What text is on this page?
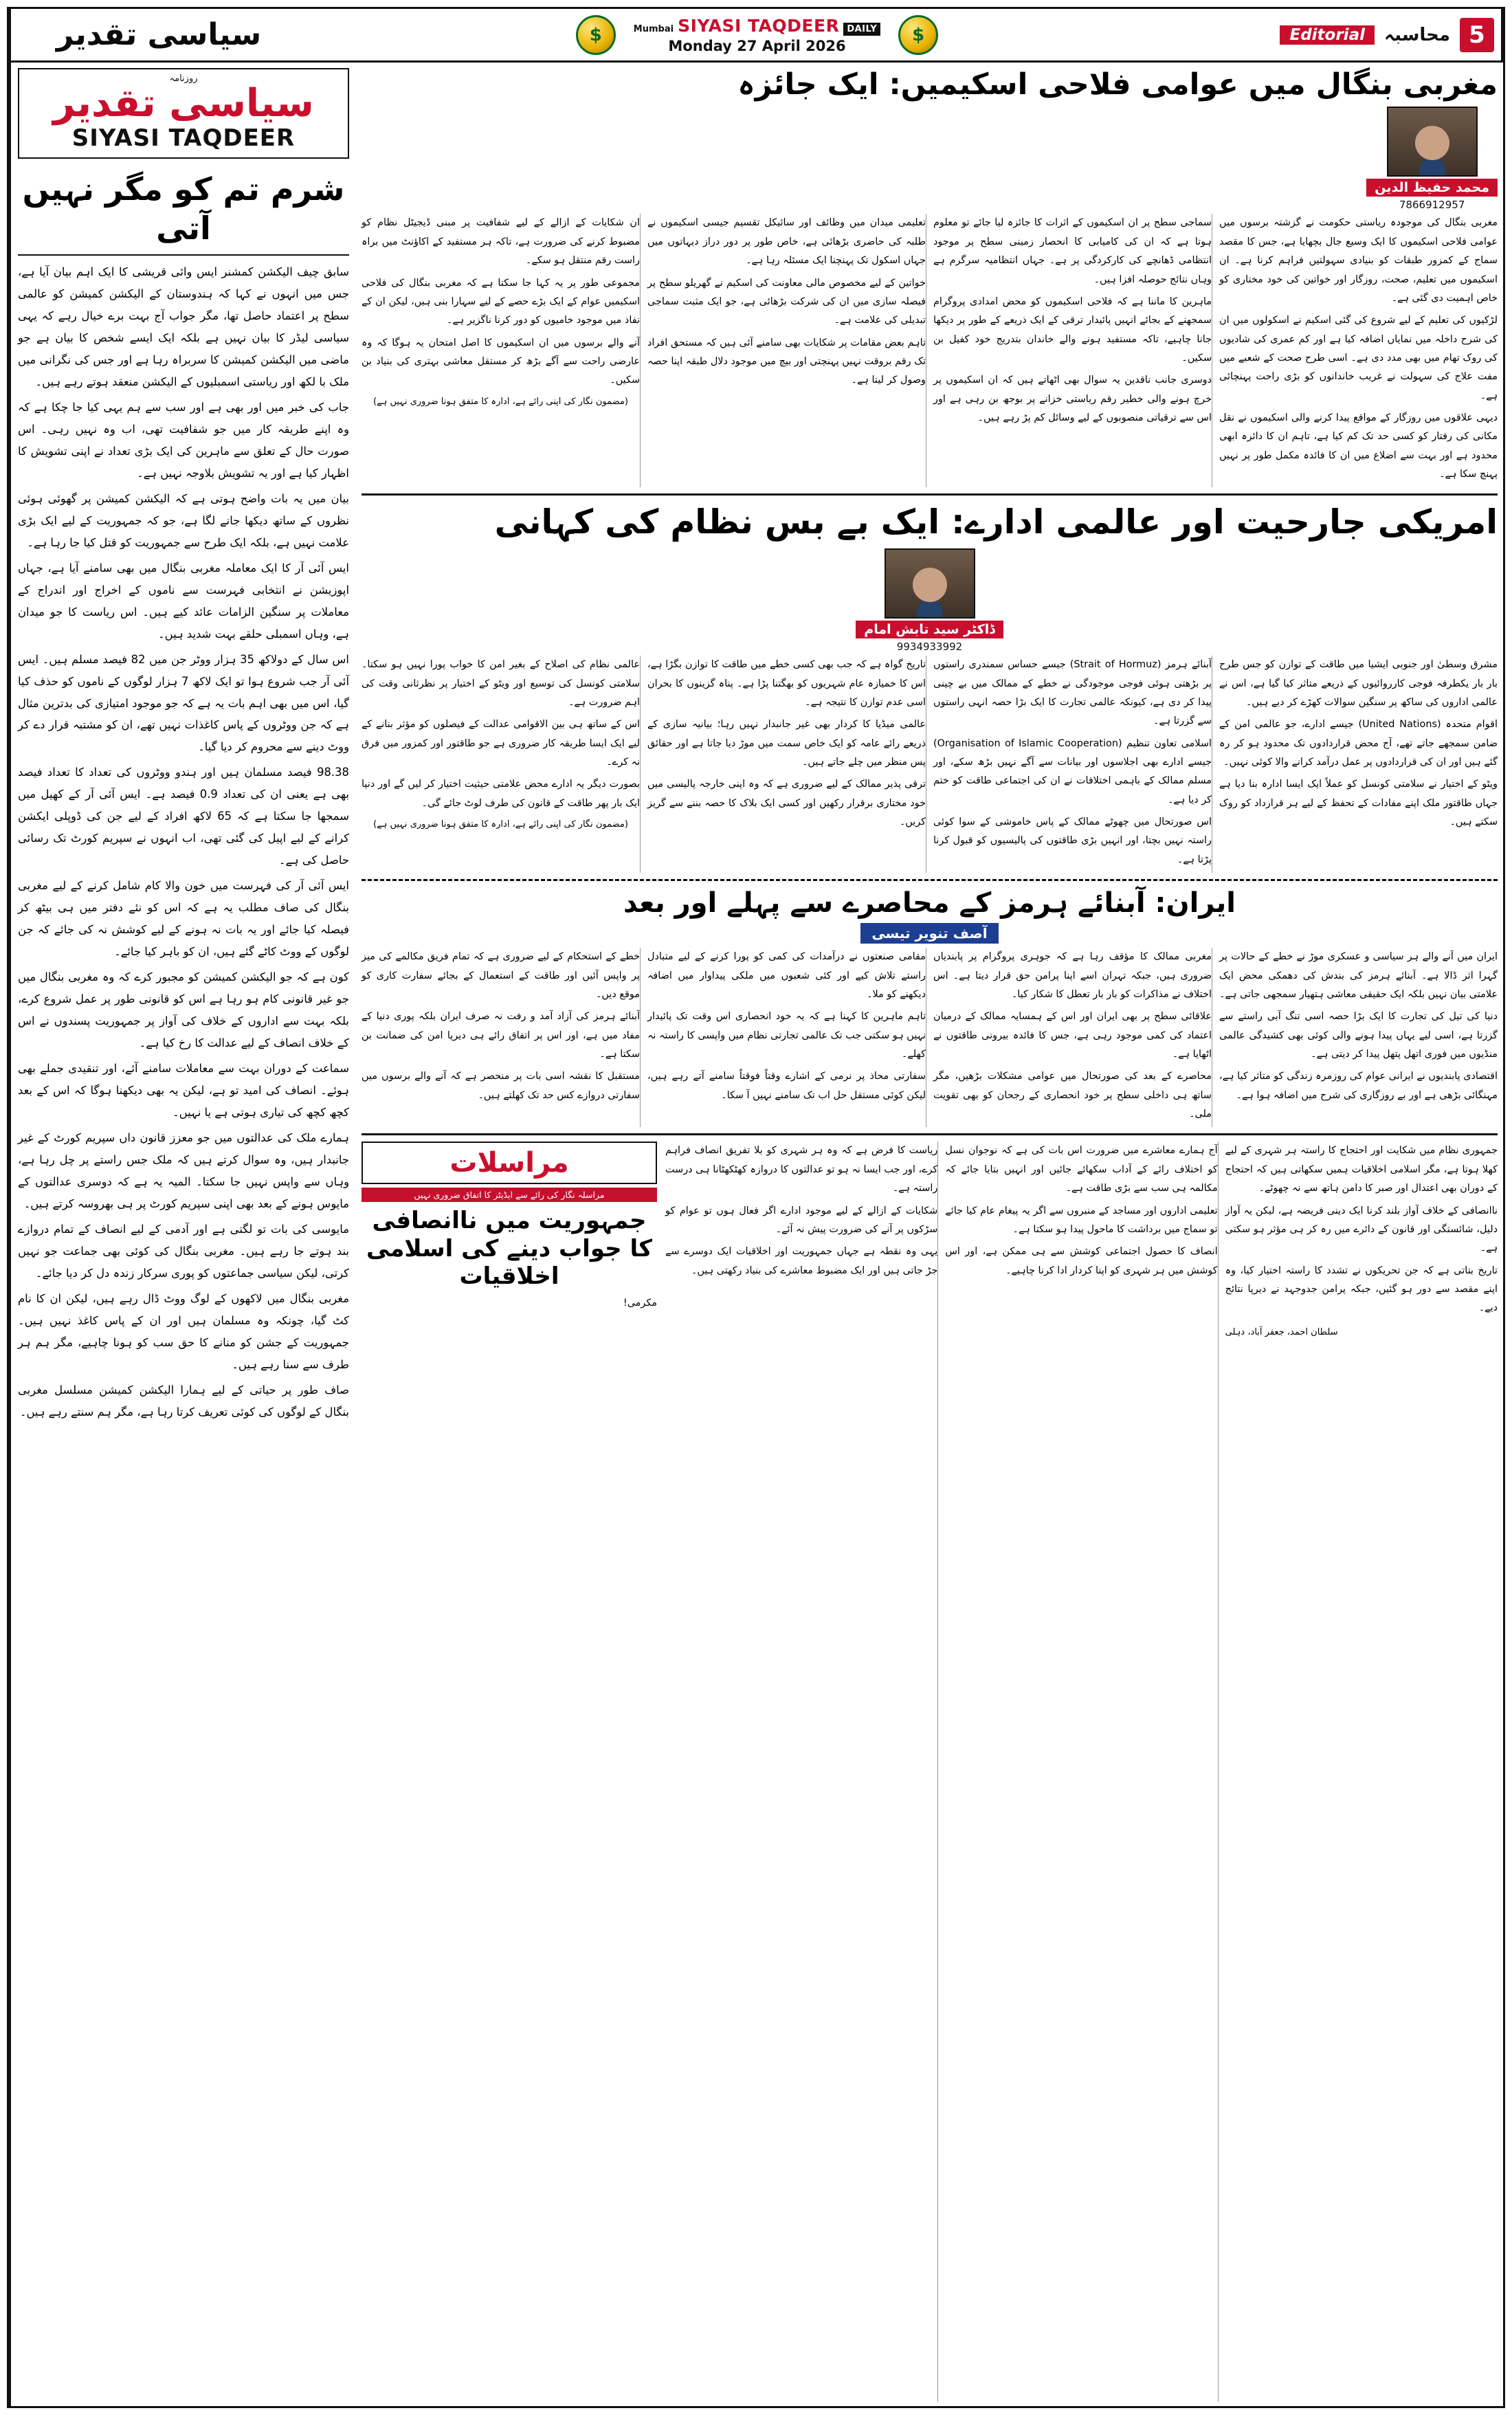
5
محاسبہ
Editorial
$
DAILY
SIYASI TAQDEER
Mumbai
Monday 27 April 2026
$
سیاسی تقدیر
مغربی بنگال میں عوامی فلاحی اسکیمیں: ایک جائزہ
محمد حفیظ الدین
7866912957

مغربی بنگال کی موجودہ ریاستی حکومت نے گزشتہ برسوں میں عوامی فلاحی اسکیموں کا ایک وسیع جال بچھایا ہے، جس کا مقصد سماج کے کمزور طبقات کو بنیادی سہولتیں فراہم کرنا ہے۔ ان اسکیموں میں تعلیم، صحت، روزگار اور خواتین کی خود مختاری کو خاص اہمیت دی گئی ہے۔

لڑکیوں کی تعلیم کے لیے شروع کی گئی اسکیم نے اسکولوں میں ان کی شرح داخلہ میں نمایاں اضافہ کیا ہے اور کم عمری کی شادیوں کی روک تھام میں بھی مدد دی ہے۔ اسی طرح صحت کے شعبے میں مفت علاج کی سہولت نے غریب خاندانوں کو بڑی راحت پہنچائی ہے۔

دیہی علاقوں میں روزگار کے مواقع پیدا کرنے والی اسکیموں نے نقل مکانی کی رفتار کو کسی حد تک کم کیا ہے، تاہم ان کا دائرہ ابھی محدود ہے اور بہت سے اضلاع میں ان کا فائدہ مکمل طور پر نہیں پہنچ سکا ہے۔

سماجی سطح پر ان اسکیموں کے اثرات کا جائزہ لیا جائے تو معلوم ہوتا ہے کہ ان کی کامیابی کا انحصار زمینی سطح پر موجود انتظامی ڈھانچے کی کارکردگی پر ہے۔ جہاں انتظامیہ سرگرم ہے وہاں نتائج حوصلہ افزا ہیں۔

ماہرین کا ماننا ہے کہ فلاحی اسکیموں کو محض امدادی پروگرام سمجھنے کے بجائے انہیں پائیدار ترقی کے ایک ذریعے کے طور پر دیکھا جانا چاہیے، تاکہ مستفید ہونے والے خاندان بتدریج خود کفیل بن سکیں۔

دوسری جانب ناقدین یہ سوال بھی اٹھاتے ہیں کہ ان اسکیموں پر خرچ ہونے والی خطیر رقم ریاستی خزانے پر بوجھ بن رہی ہے اور اس سے ترقیاتی منصوبوں کے لیے وسائل کم پڑ رہے ہیں۔

تعلیمی میدان میں وظائف اور سائیکل تقسیم جیسی اسکیموں نے طلبہ کی حاضری بڑھائی ہے، خاص طور پر دور دراز دیہاتوں میں جہاں اسکول تک پہنچنا ایک مسئلہ رہا ہے۔

خواتین کے لیے مخصوص مالی معاونت کی اسکیم نے گھریلو سطح پر فیصلہ سازی میں ان کی شرکت بڑھائی ہے، جو ایک مثبت سماجی تبدیلی کی علامت ہے۔

تاہم بعض مقامات پر شکایات بھی سامنے آئی ہیں کہ مستحق افراد تک رقم بروقت نہیں پہنچتی اور بیچ میں موجود دلال طبقہ اپنا حصہ وصول کر لیتا ہے۔

ان شکایات کے ازالے کے لیے شفافیت پر مبنی ڈیجیٹل نظام کو مضبوط کرنے کی ضرورت ہے، تاکہ ہر مستفید کے اکاؤنٹ میں براہ راست رقم منتقل ہو سکے۔

مجموعی طور پر یہ کہا جا سکتا ہے کہ مغربی بنگال کی فلاحی اسکیمیں عوام کے ایک بڑے حصے کے لیے سہارا بنی ہیں، لیکن ان کے نفاذ میں موجود خامیوں کو دور کرنا ناگزیر ہے۔

آنے والے برسوں میں ان اسکیموں کا اصل امتحان یہ ہوگا کہ وہ عارضی راحت سے آگے بڑھ کر مستقل معاشی بہتری کی بنیاد بن سکیں۔

(مضمون نگار کی اپنی رائے ہے، ادارہ کا متفق ہونا ضروری نہیں ہے)
امریکی جارحیت اور عالمی ادارے: ایک بے بس نظام کی کہانی
ڈاکٹر سید تابش امام
9934933992

مشرق وسطیٰ اور جنوبی ایشیا میں طاقت کے توازن کو جس طرح بار بار یکطرفہ فوجی کارروائیوں کے ذریعے متاثر کیا گیا ہے، اس نے عالمی اداروں کی ساکھ پر سنگین سوالات کھڑے کر دیے ہیں۔

اقوام متحدہ (United Nations) جیسے ادارے، جو عالمی امن کے ضامن سمجھے جاتے تھے، آج محض قراردادوں تک محدود ہو کر رہ گئے ہیں اور ان کی قراردادوں پر عمل درآمد کرانے والا کوئی نہیں۔

ویٹو کے اختیار نے سلامتی کونسل کو عملاً ایک ایسا ادارہ بنا دیا ہے جہاں طاقتور ملک اپنے مفادات کے تحفظ کے لیے ہر قرارداد کو روک سکتے ہیں۔

آبنائے ہرمز (Strait of Hormuz) جیسے حساس سمندری راستوں پر بڑھتی ہوئی فوجی موجودگی نے خطے کے ممالک میں بے چینی پیدا کر دی ہے، کیونکہ عالمی تجارت کا ایک بڑا حصہ انہی راستوں سے گزرتا ہے۔

اسلامی تعاون تنظیم (Organisation of Islamic Cooperation) جیسے ادارے بھی اجلاسوں اور بیانات سے آگے نہیں بڑھ سکے، اور مسلم ممالک کے باہمی اختلافات نے ان کی اجتماعی طاقت کو ختم کر دیا ہے۔

اس صورتحال میں چھوٹے ممالک کے پاس خاموشی کے سوا کوئی راستہ نہیں بچتا، اور انہیں بڑی طاقتوں کی پالیسیوں کو قبول کرنا پڑتا ہے۔

تاریخ گواہ ہے کہ جب بھی کسی خطے میں طاقت کا توازن بگڑا ہے، اس کا خمیازہ عام شہریوں کو بھگتنا پڑا ہے۔ پناہ گزینوں کا بحران اسی عدم توازن کا نتیجہ ہے۔

عالمی میڈیا کا کردار بھی غیر جانبدار نہیں رہا؛ بیانیہ سازی کے ذریعے رائے عامہ کو ایک خاص سمت میں موڑ دیا جاتا ہے اور حقائق پس منظر میں چلے جاتے ہیں۔

ترقی پذیر ممالک کے لیے ضروری ہے کہ وہ اپنی خارجہ پالیسی میں خود مختاری برقرار رکھیں اور کسی ایک بلاک کا حصہ بننے سے گریز کریں۔

عالمی نظام کی اصلاح کے بغیر امن کا خواب پورا نہیں ہو سکتا۔ سلامتی کونسل کی توسیع اور ویٹو کے اختیار پر نظرثانی وقت کی اہم ضرورت ہے۔

اس کے ساتھ ہی بین الاقوامی عدالت کے فیصلوں کو مؤثر بنانے کے لیے ایک ایسا طریقہ کار ضروری ہے جو طاقتور اور کمزور میں فرق نہ کرے۔

بصورت دیگر یہ ادارے محض علامتی حیثیت اختیار کر لیں گے اور دنیا ایک بار پھر طاقت کے قانون کی طرف لوٹ جائے گی۔

(مضمون نگار کی اپنی رائے ہے، ادارہ کا متفق ہونا ضروری نہیں ہے)
ایران: آبنائے ہرمز کے محاصرے سے پہلے اور بعد
آصف تنویر تیسی

ایران میں آنے والے ہر سیاسی و عسکری موڑ نے خطے کے حالات پر گہرا اثر ڈالا ہے۔ آبنائے ہرمز کی بندش کی دھمکی محض ایک علامتی بیان نہیں بلکہ ایک حقیقی معاشی ہتھیار سمجھی جاتی ہے۔

دنیا کی تیل کی تجارت کا ایک بڑا حصہ اسی تنگ آبی راستے سے گزرتا ہے، اسی لیے یہاں پیدا ہونے والی کوئی بھی کشیدگی عالمی منڈیوں میں فوری اتھل پتھل پیدا کر دیتی ہے۔

اقتصادی پابندیوں نے ایرانی عوام کی روزمرہ زندگی کو متاثر کیا ہے، مہنگائی بڑھی ہے اور بے روزگاری کی شرح میں اضافہ ہوا ہے۔

مغربی ممالک کا مؤقف رہا ہے کہ جوہری پروگرام پر پابندیاں ضروری ہیں، جبکہ تہران اسے اپنا پرامن حق قرار دیتا ہے۔ اس اختلاف نے مذاکرات کو بار بار تعطل کا شکار کیا۔

علاقائی سطح پر بھی ایران اور اس کے ہمسایہ ممالک کے درمیان اعتماد کی کمی موجود رہی ہے، جس کا فائدہ بیرونی طاقتوں نے اٹھایا ہے۔

محاصرے کے بعد کی صورتحال میں عوامی مشکلات بڑھیں، مگر ساتھ ہی داخلی سطح پر خود انحصاری کے رجحان کو بھی تقویت ملی۔

مقامی صنعتوں نے درآمدات کی کمی کو پورا کرنے کے لیے متبادل راستے تلاش کیے اور کئی شعبوں میں ملکی پیداوار میں اضافہ دیکھنے کو ملا۔

تاہم ماہرین کا کہنا ہے کہ یہ خود انحصاری اس وقت تک پائیدار نہیں ہو سکتی جب تک عالمی تجارتی نظام میں واپسی کا راستہ نہ کھلے۔

سفارتی محاذ پر نرمی کے اشارے وقتاً فوقتاً سامنے آتے رہے ہیں، لیکن کوئی مستقل حل اب تک سامنے نہیں آ سکا۔

خطے کے استحکام کے لیے ضروری ہے کہ تمام فریق مکالمے کی میز پر واپس آئیں اور طاقت کے استعمال کے بجائے سفارت کاری کو موقع دیں۔

آبنائے ہرمز کی آزاد آمد و رفت نہ صرف ایران بلکہ پوری دنیا کے مفاد میں ہے، اور اس پر اتفاق رائے ہی دیرپا امن کی ضمانت بن سکتا ہے۔

مستقبل کا نقشہ اسی بات پر منحصر ہے کہ آنے والے برسوں میں سفارتی دروازے کس حد تک کھلتے ہیں۔

جمہوری نظام میں شکایت اور احتجاج کا راستہ ہر شہری کے لیے کھلا ہوتا ہے، مگر اسلامی اخلاقیات ہمیں سکھاتی ہیں کہ احتجاج کے دوران بھی اعتدال اور صبر کا دامن ہاتھ سے نہ چھوٹے۔

ناانصافی کے خلاف آواز بلند کرنا ایک دینی فریضہ ہے، لیکن یہ آواز دلیل، شائستگی اور قانون کے دائرے میں رہ کر ہی مؤثر ہو سکتی ہے۔

تاریخ بتاتی ہے کہ جن تحریکوں نے تشدد کا راستہ اختیار کیا، وہ اپنے مقصد سے دور ہو گئیں، جبکہ پرامن جدوجہد نے دیرپا نتائج دیے۔

سلطان احمد، جعفر آباد، دہلی

آج ہمارے معاشرے میں ضرورت اس بات کی ہے کہ نوجوان نسل کو اختلاف رائے کے آداب سکھائے جائیں اور انہیں بتایا جائے کہ مکالمہ ہی سب سے بڑی طاقت ہے۔

تعلیمی اداروں اور مساجد کے منبروں سے اگر یہ پیغام عام کیا جائے تو سماج میں برداشت کا ماحول پیدا ہو سکتا ہے۔

انصاف کا حصول اجتماعی کوشش سے ہی ممکن ہے، اور اس کوشش میں ہر شہری کو اپنا کردار ادا کرنا چاہیے۔

ریاست کا فرض ہے کہ وہ ہر شہری کو بلا تفریق انصاف فراہم کرے، اور جب ایسا نہ ہو تو عدالتوں کا دروازہ کھٹکھٹانا ہی درست راستہ ہے۔

شکایات کے ازالے کے لیے موجود ادارے اگر فعال ہوں تو عوام کو سڑکوں پر آنے کی ضرورت پیش نہ آئے۔

یہی وہ نقطہ ہے جہاں جمہوریت اور اخلاقیات ایک دوسرے سے جڑ جاتی ہیں اور ایک مضبوط معاشرے کی بنیاد رکھتی ہیں۔

مراسلات
مراسلہ نگار کی رائے سے ایڈیٹر کا اتفاق ضروری نہیں
جمہوریت میں ناانصافی کا جواب دینے کی اسلامی اخلاقیات
مکرمی!
روزنامہ
سیاسی تقدیر
SIYASI TAQDEER
شرم تم کو مگر نہیں آتی

سابق چیف الیکشن کمشنر ایس وائی قریشی کا ایک اہم بیان آیا ہے، جس میں انہوں نے کہا کہ ہندوستان کے الیکشن کمیشن کو عالمی سطح پر اعتماد حاصل تھا، مگر جواب آج بہت برے خیال رہے کہ یہی سیاسی لیڈر کا بیان نہیں ہے بلکہ ایک ایسے شخص کا بیان ہے جو ماضی میں الیکشن کمیشن کا سربراہ رہا ہے اور جس کی نگرانی میں ملک با لکھ اور ریاستی اسمبلیوں کے الیکشن منعقد ہوتے رہے ہیں۔

جاب کی خبر میں اور بھی ہے اور سب سے ہم یہی کیا جا چکا ہے کہ وہ اپنے طریقہ کار میں جو شفافیت تھی، اب وہ نہیں رہی۔ اس صورت حال کے تعلق سے ماہرین کی ایک بڑی تعداد نے اپنی تشویش کا اظہار کیا ہے اور یہ تشویش بلاوجہ نہیں ہے۔

بیان میں یہ بات واضح ہوتی ہے کہ الیکشن کمیشن پر گھوئی ہوئی نظروں کے ساتھ دیکھا جانے لگا ہے، جو کہ جمہوریت کے لیے ایک بڑی علامت نہیں ہے، بلکہ ایک طرح سے جمہوریت کو قتل کیا جا رہا ہے۔

ایس آئی آر کا ایک معاملہ مغربی بنگال میں بھی سامنے آیا ہے، جہاں اپوزیشن نے انتخابی فہرست سے ناموں کے اخراج اور اندراج کے معاملات پر سنگین الزامات عائد کیے ہیں۔ اس ریاست کا جو میدان ہے، وہاں اسمبلی حلقے بہت شدید ہیں۔

اس سال کے دولاکھ 35 ہزار ووٹر جن میں 82 فیصد مسلم ہیں۔ ایس آئی آر جب شروع ہوا تو ایک لاکھ 7 ہزار لوگوں کے ناموں کو حذف کیا گیا، اس میں بھی اہم بات یہ ہے کہ جو موجود امتیازی کی بدترین مثال ہے کہ جن ووٹروں کے پاس کاغذات نہیں تھے، ان کو مشتبہ قرار دے کر ووٹ دینے سے محروم کر دیا گیا۔

98.38 فیصد مسلمان ہیں اور ہندو ووٹروں کی تعداد کا تعداد فیصد بھی ہے یعنی ان کی تعداد 0.9 فیصد ہے۔ ایس آئی آر کے کھیل میں سمجھا جا سکتا ہے کہ 65 لاکھ افراد کے لیے جن کی ڈوپلی ایکشن کرانے کے لیے اپیل کی گئی تھی، اب انہوں نے سپریم کورٹ تک رسائی حاصل کی ہے۔

ایس آئی آر کی فہرست میں خون والا کام شامل کرنے کے لیے مغربی بنگال کی صاف مطلب یہ ہے کہ اس کو نئے دفتر میں ہی بیٹھ کر فیصلہ کیا جائے اور یہ بات نہ ہونے کے لیے کوشش نہ کی جائے کہ جن لوگوں کے ووٹ کاٹے گئے ہیں، ان کو باہر کیا جائے۔

کون ہے کہ جو الیکشن کمیشن کو مجبور کرے کہ وہ مغربی بنگال میں جو غیر قانونی کام ہو رہا ہے اس کو قانونی طور پر عمل شروع کرے، بلکہ بہت سے اداروں کے خلاف کی آواز پر جمہوریت پسندوں نے اس کے خلاف انصاف کے لیے عدالت کا رخ کیا ہے۔

سماعت کے دوران بہت سے معاملات سامنے آئے، اور تنقیدی جملے بھی ہوئے۔ انصاف کی امید تو ہے، لیکن یہ بھی دیکھنا ہوگا کہ اس کے بعد کچھ کچھ کی تیاری ہوتی ہے یا نہیں۔

ہمارے ملک کی عدالتوں میں جو معزز قانون داں سپریم کورٹ کے غیر جانبدار ہیں، وہ سوال کرتے ہیں کہ ملک جس راستے پر چل رہا ہے، وہاں سے واپس نہیں جا سکتا۔ المیہ یہ ہے کہ دوسری عدالتوں کے مایوس ہونے کے بعد بھی اپنی سپریم کورٹ پر ہی بھروسہ کرتے ہیں۔

مایوسی کی بات تو لگتی ہے اور آدمی کے لیے انصاف کے تمام دروازے بند ہوتے جا رہے ہیں۔ مغربی بنگال کی کوئی بھی جماعت جو نہیں کرتی، لیکن سیاسی جماعتوں کو پوری سرکار زندہ دل کر دیا جائے۔

مغربی بنگال میں لاکھوں کے لوگ ووٹ ڈال رہے ہیں، لیکن ان کا نام کٹ گیا، چونکہ وہ مسلمان ہیں اور ان کے پاس کاغذ نہیں ہیں۔ جمہوریت کے جشن کو منانے کا حق سب کو ہونا چاہیے، مگر ہم ہر طرف سے سنا رہے ہیں۔

صاف طور پر حیاتی کے لیے ہمارا الیکشن کمیشن مسلسل مغربی بنگال کے لوگوں کی کوئی تعریف کرتا رہا ہے، مگر ہم سنتے رہے ہیں۔
